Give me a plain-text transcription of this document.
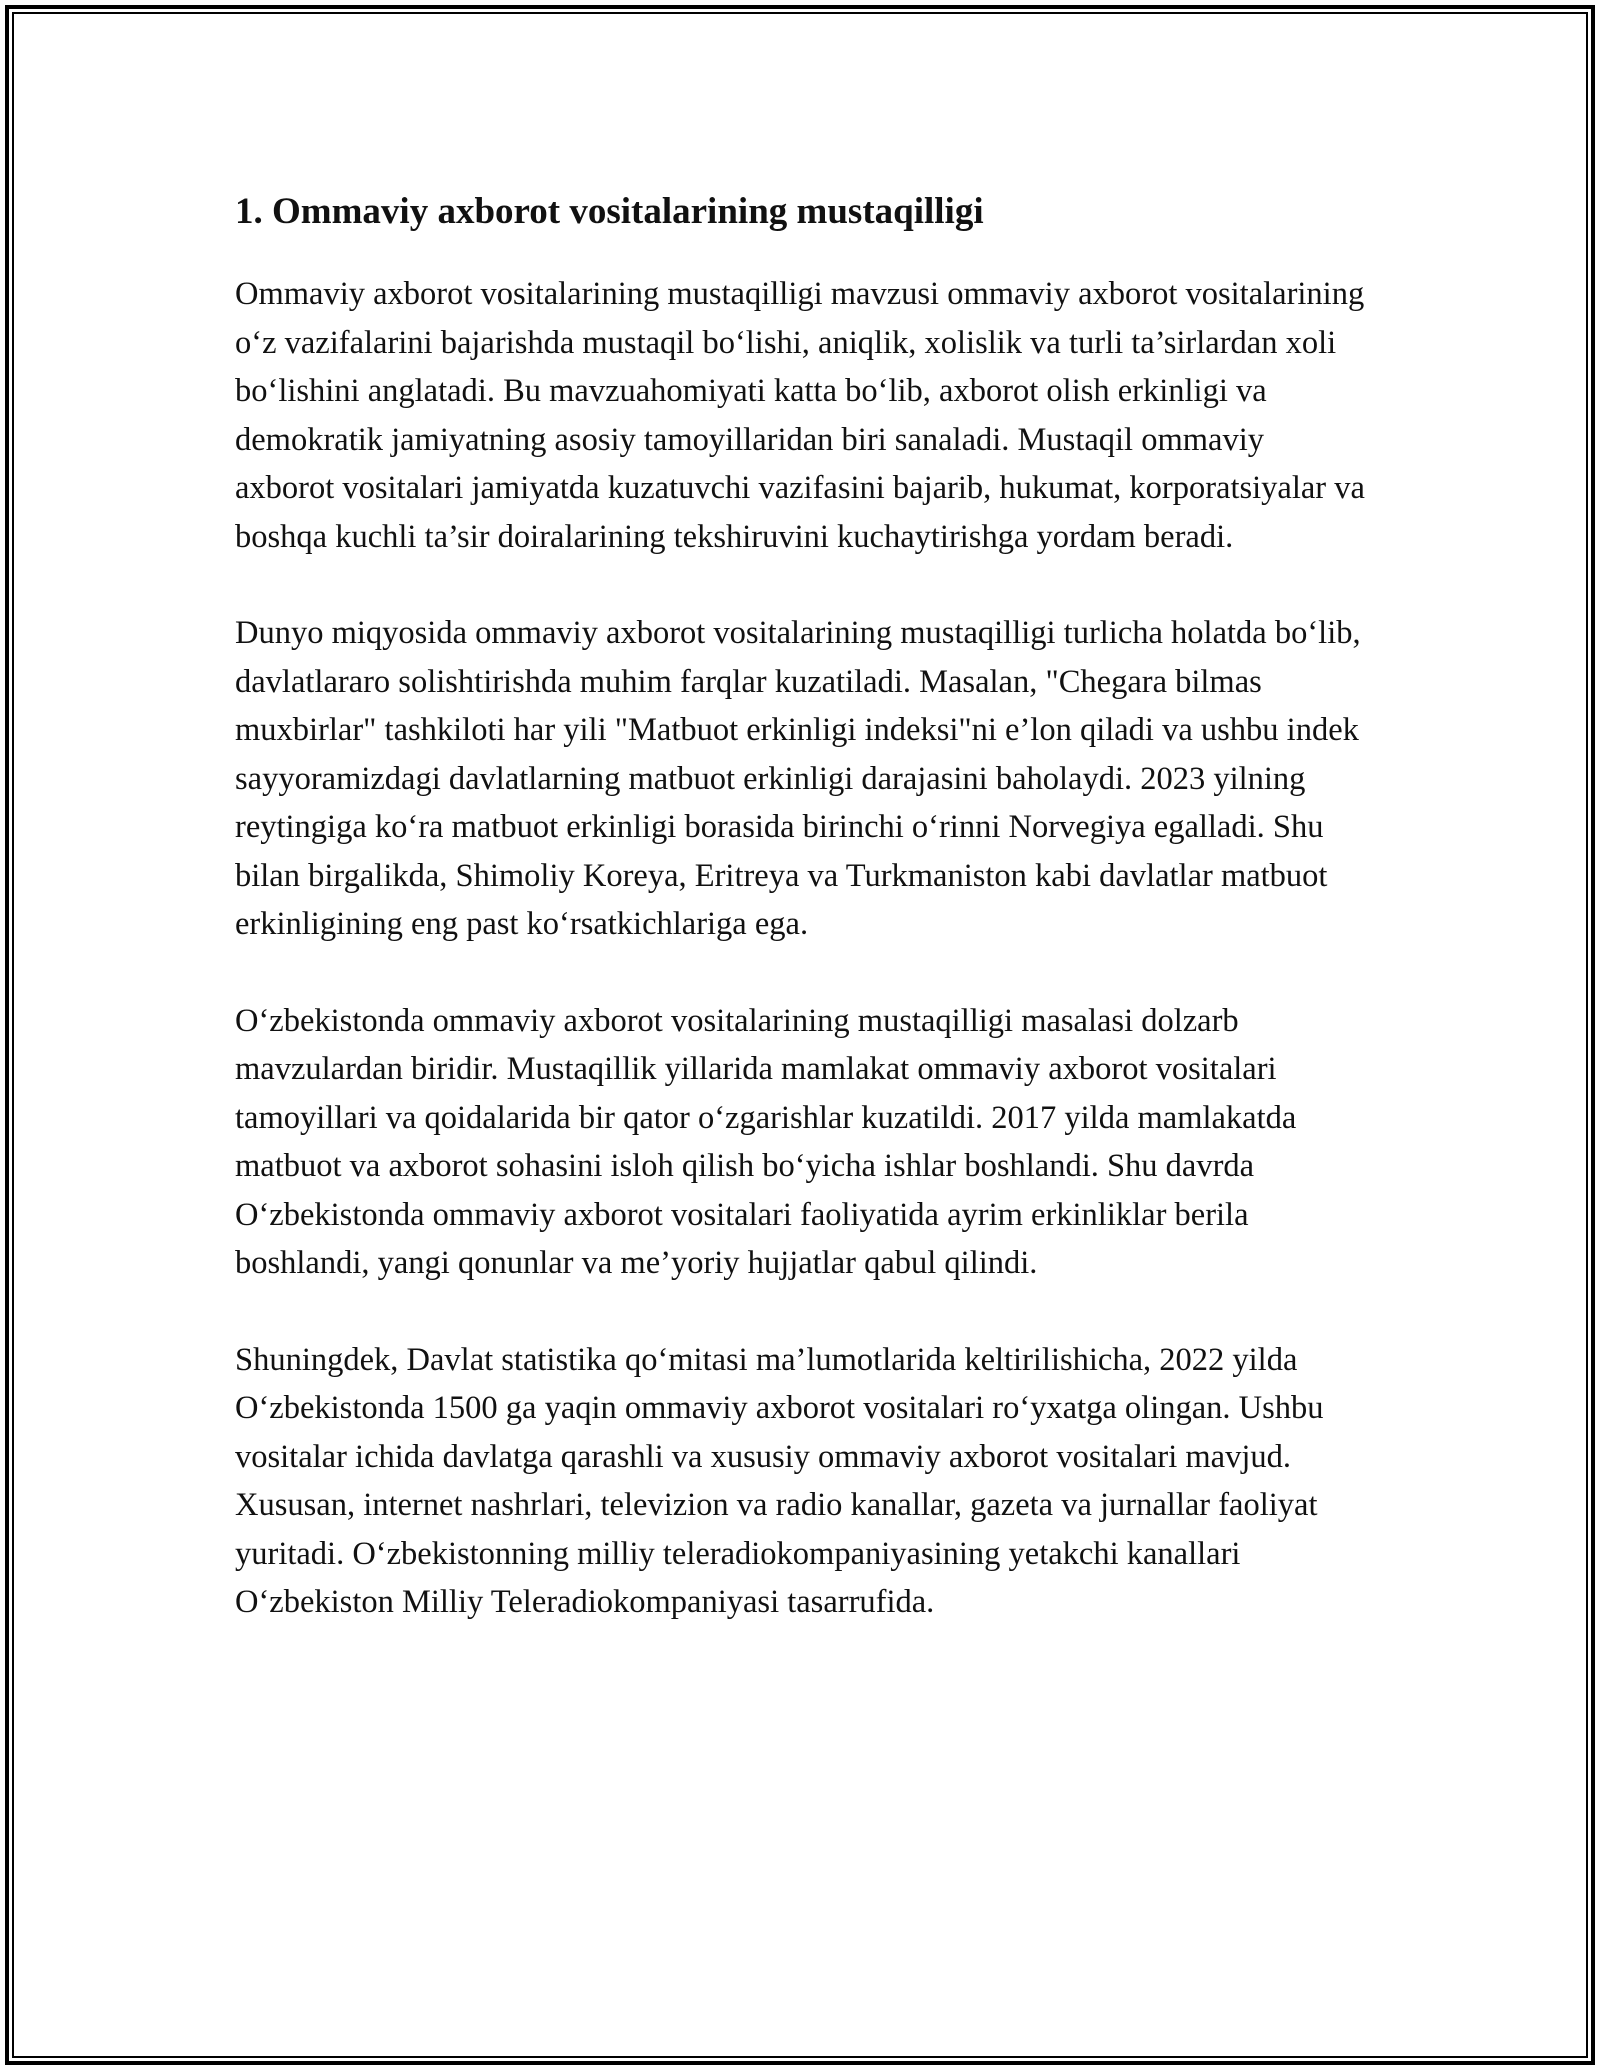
1. Ommaviy axborot vositalarining mustaqilligi

Ommaviy axborot vositalarining mustaqilligi mavzusi ommaviy axborot vositalarining o‘z vazifalarini bajarishda mustaqil bo‘lishi, aniqlik, xolislik va turli ta’sirlardan xoli bo‘lishini anglatadi. Bu mavzuahomiyati katta bo‘lib, axborot olish erkinligi va demokratik jamiyatning asosiy tamoyillaridan biri sanaladi. Mustaqil ommaviy axborot vositalari jamiyatda kuzatuvchi vazifasini bajarib, hukumat, korporatsiyalar va boshqa kuchli ta’sir doiralarining tekshiruvini kuchaytirishga yordam beradi.

Dunyo miqyosida ommaviy axborot vositalarining mustaqilligi turlicha holatda bo‘lib, davlatlararo solishtirishda muhim farqlar kuzatiladi. Masalan, "Chegara bilmas muxbirlar" tashkiloti har yili "Matbuot erkinligi indeksi"ni e’lon qiladi va ushbu indek sayyoramizdagi davlatlarning matbuot erkinligi darajasini baholaydi. 2023 yilning reytingiga ko‘ra matbuot erkinligi borasida birinchi o‘rinni Norvegiya egalladi. Shu bilan birgalikda, Shimoliy Koreya, Eritreya va Turkmaniston kabi davlatlar matbuot erkinligining eng past ko‘rsatkichlariga ega.

O‘zbekistonda ommaviy axborot vositalarining mustaqilligi masalasi dolzarb mavzulardan biridir. Mustaqillik yillarida mamlakat ommaviy axborot vositalari tamoyillari va qoidalarida bir qator o‘zgarishlar kuzatildi. 2017 yilda mamlakatda matbuot va axborot sohasini isloh qilish bo‘yicha ishlar boshlandi. Shu davrda O‘zbekistonda ommaviy axborot vositalari faoliyatida ayrim erkinliklar berila boshlandi, yangi qonunlar va me’yoriy hujjatlar qabul qilindi.

Shuningdek, Davlat statistika qo‘mitasi ma’lumotlarida keltirilishicha, 2022 yilda O‘zbekistonda 1500 ga yaqin ommaviy axborot vositalari ro‘yxatga olingan. Ushbu vositalar ichida davlatga qarashli va xususiy ommaviy axborot vositalari mavjud. Xususan, internet nashrlari, televizion va radio kanallar, gazeta va jurnallar faoliyat yuritadi. O‘zbekistonning milliy teleradiokompaniyasining yetakchi kanallari O‘zbekiston Milliy Teleradiokompaniyasi tasarrufida.
